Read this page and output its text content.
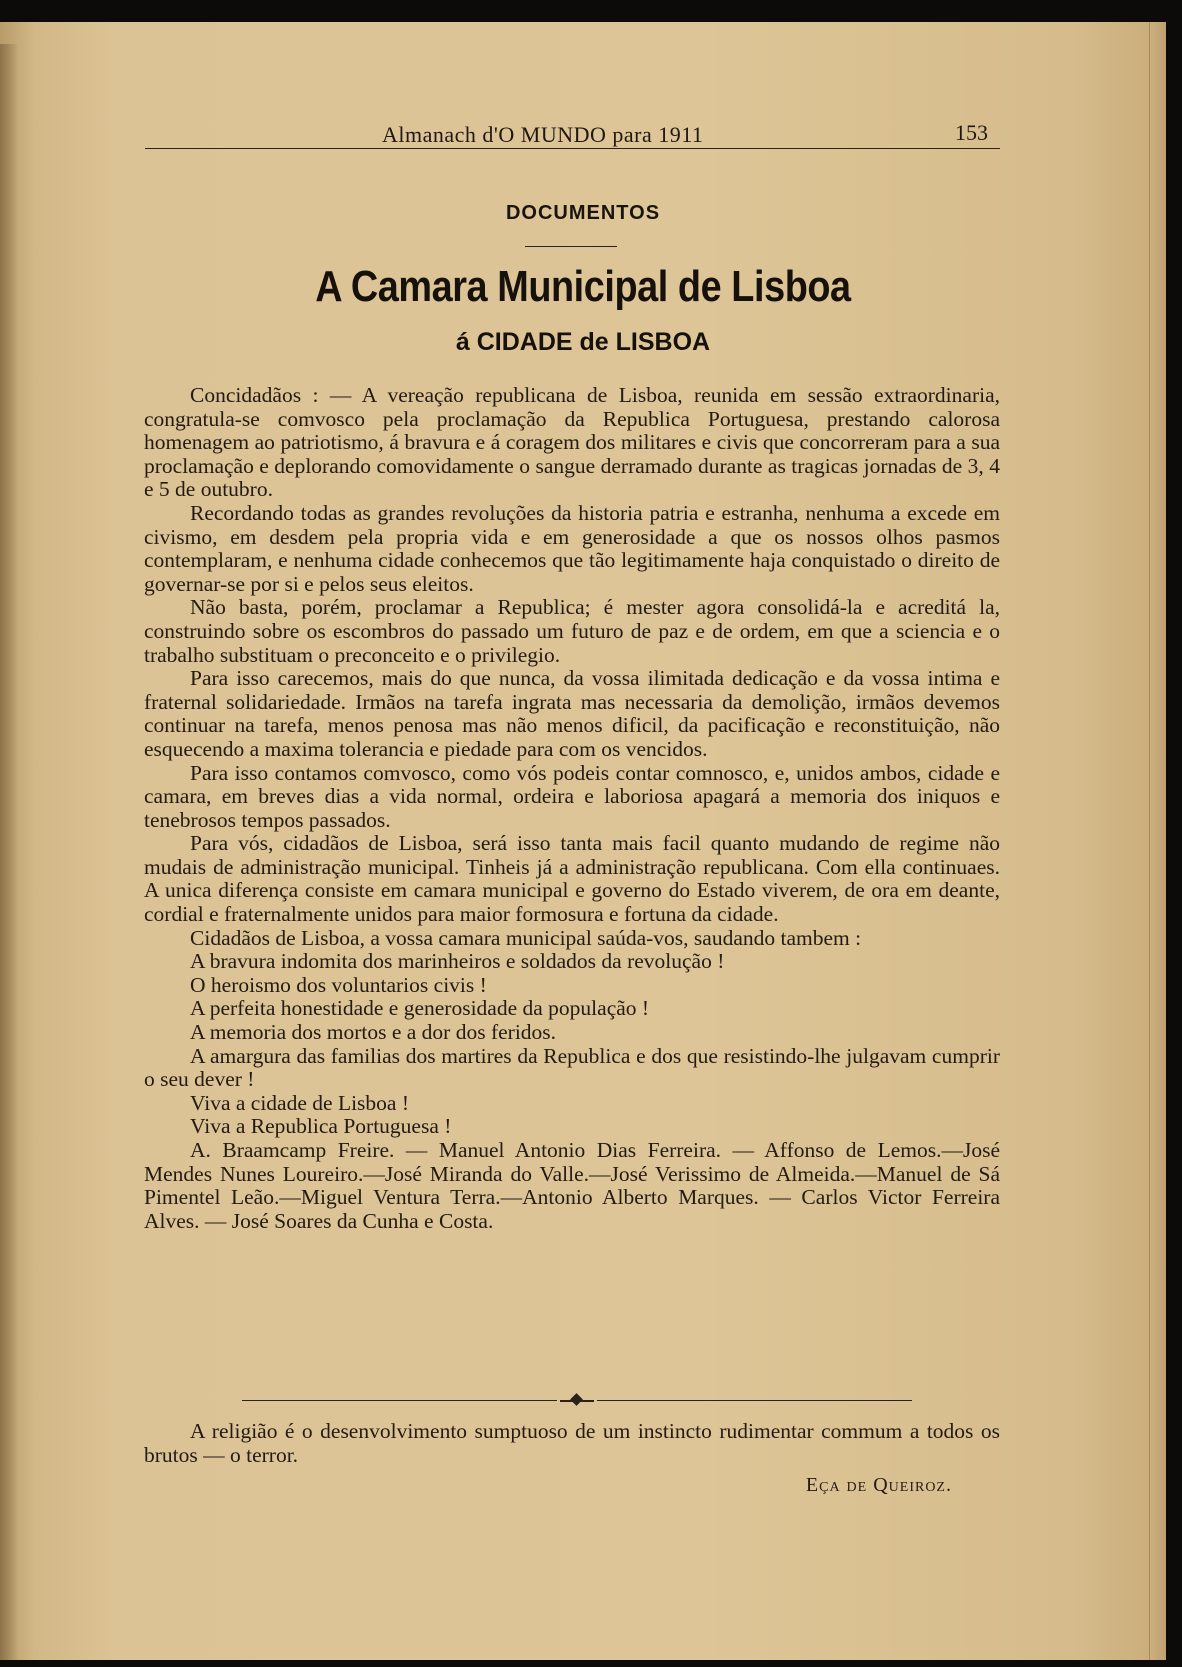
Almanach d'O MUNDO para 1911	153
DOCUMENTOS
A Camara Municipal de Lisboa
á CIDADE de LISBOA

Concidadãos : — A vereação republicana de Lisboa, reunida em sessão extraordinaria, congratula-se comvosco pela proclamação da Republica Portuguesa, prestando calorosa homenagem ao patriotismo, á bravura e á coragem dos militares e civis que concorreram para a sua proclamação e deplorando comovidamente o sangue derramado durante as tragicas jornadas de 3, 4 e 5 de outubro.

Recordando todas as grandes revoluções da historia patria e estranha, nenhuma a excede em civismo, em desdem pela propria vida e em generosidade a que os nossos olhos pasmos contemplaram, e nenhuma cidade conhecemos que tão legitimamente haja conquistado o direito de governar-se por si e pelos seus eleitos.

Não basta, porém, proclamar a Republica; é mester agora consolidá-la e acreditá la, construindo sobre os escombros do passado um futuro de paz e de ordem, em que a sciencia e o trabalho substituam o preconceito e o privilegio.

Para isso carecemos, mais do que nunca, da vossa ilimitada dedicação e da vossa intima e fraternal solidariedade. Irmãos na tarefa ingrata mas necessaria da demolição, irmãos devemos continuar na tarefa, menos penosa mas não menos dificil, da pacificação e reconstituição, não esquecendo a maxima tolerancia e piedade para com os vencidos.

Para isso contamos comvosco, como vós podeis contar comnosco, e, unidos ambos, cidade e camara, em breves dias a vida normal, ordeira e laboriosa apagará a memoria dos iniquos e tenebrosos tempos passados.

Para vós, cidadãos de Lisboa, será isso tanta mais facil quanto mudando de regime não mudais de administração municipal. Tinheis já a administração republicana. Com ella continuaes. A unica diferença consiste em camara municipal e governo do Estado viverem, de ora em deante, cordial e fraternalmente unidos para maior formosura e fortuna da cidade.

Cidadãos de Lisboa, a vossa camara municipal saúda-vos, saudando tambem :

A bravura indomita dos marinheiros e soldados da revolução !

O heroismo dos voluntarios civis !

A perfeita honestidade e generosidade da população !

A memoria dos mortos e a dor dos feridos.

A amargura das familias dos martires da Republica e dos que resistindo-lhe julgavam cumprir o seu dever !

Viva a cidade de Lisboa !

Viva a Republica Portuguesa !

A. Braamcamp Freire. — Manuel Antonio Dias Ferreira. — Affonso de Lemos.—José Mendes Nunes Loureiro.—José Miranda do Valle.—José Verissimo de Almeida.—Manuel de Sá Pimentel Leão.—Miguel Ventura Terra.—Antonio Alberto Marques. — Carlos Victor Ferreira Alves. — José Soares da Cunha e Costa.

A religião é o desenvolvimento sumptuoso de um instincto rudimentar commum a todos os brutos — o terror.

Eça de Queiroz.
